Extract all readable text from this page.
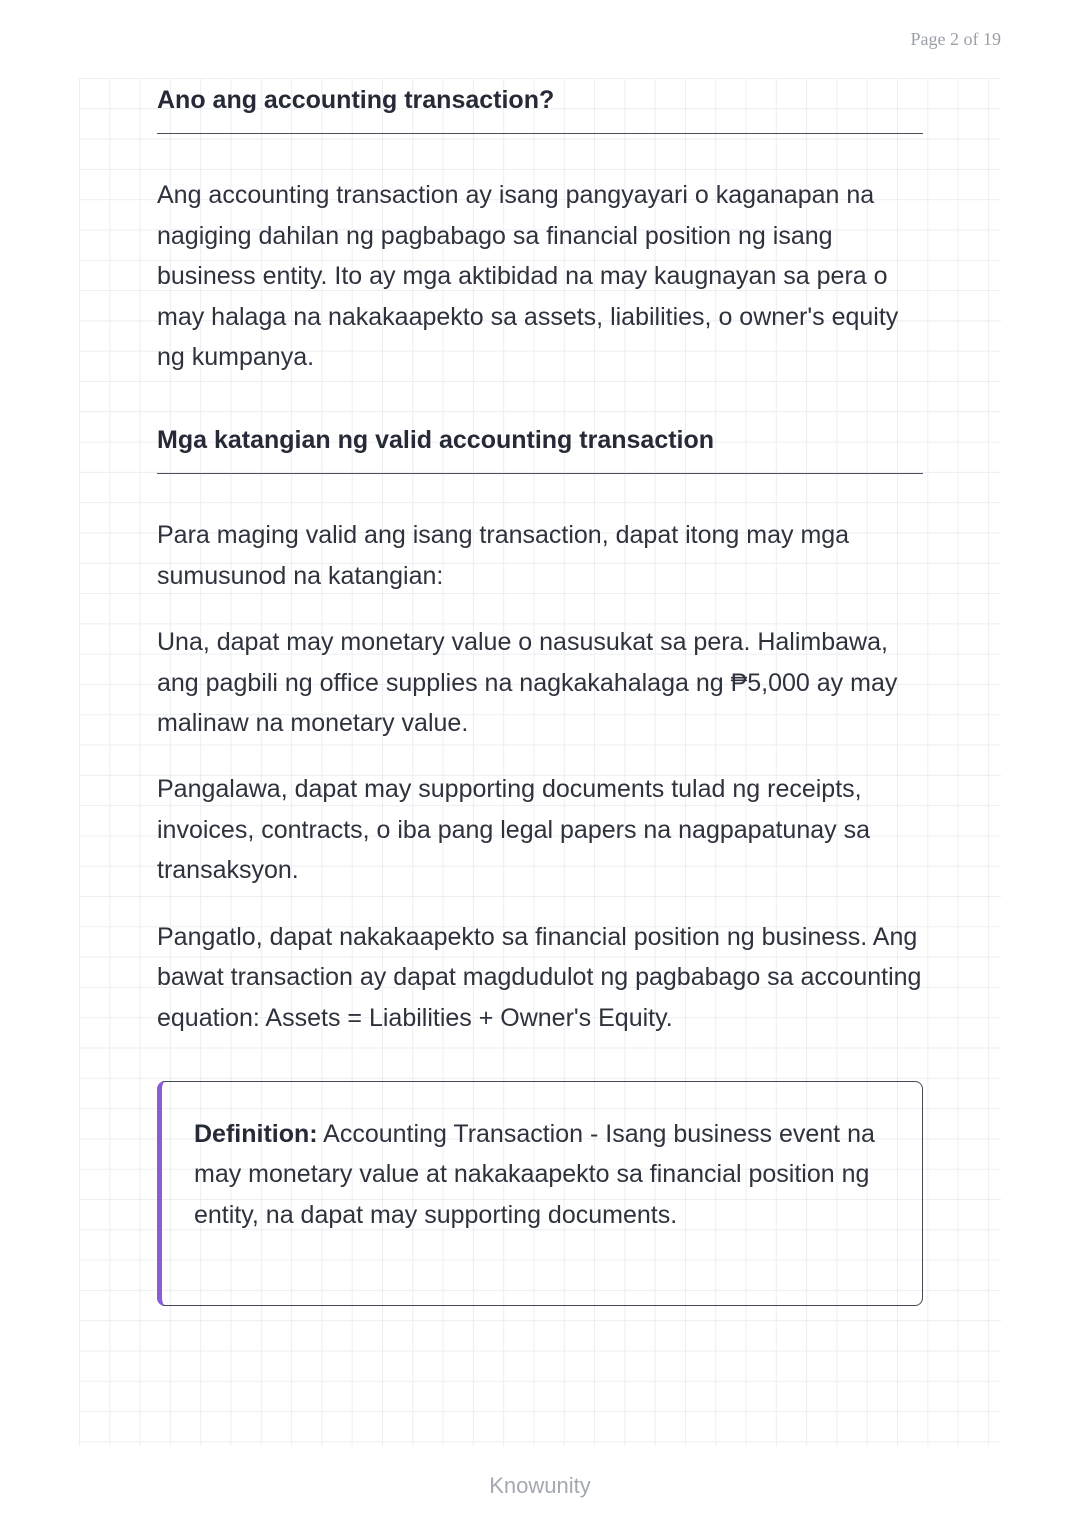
Page 2 of 19
Ano ang accounting transaction?

Ang accounting transaction ay isang pangyayari o kaganapan na nagiging dahilan ng pagbabago sa financial position ng isang business entity. Ito ay mga aktibidad na may kaugnayan sa pera o may halaga na nakakaapekto sa assets, liabilities, o owner's equity ng kumpanya.

Mga katangian ng valid accounting transaction

Para maging valid ang isang transaction, dapat itong may mga sumusunod na katangian:

Una, dapat may monetary value o nasusukat sa pera. Halimbawa, ang pagbili ng office supplies na nagkakahalaga ng ₱5,000 ay may malinaw na monetary value.

Pangalawa, dapat may supporting documents tulad ng receipts, invoices, contracts, o iba pang legal papers na nagpapatunay sa transaksyon.

Pangatlo, dapat nakakaapekto sa financial position ng business. Ang bawat transaction ay dapat magdudulot ng pagbabago sa accounting equation: Assets = Liabilities + Owner's Equity.

Definition: Accounting Transaction - Isang business event na may monetary value at nakakaapekto sa financial position ng entity, na dapat may supporting documents.

Knowunity
